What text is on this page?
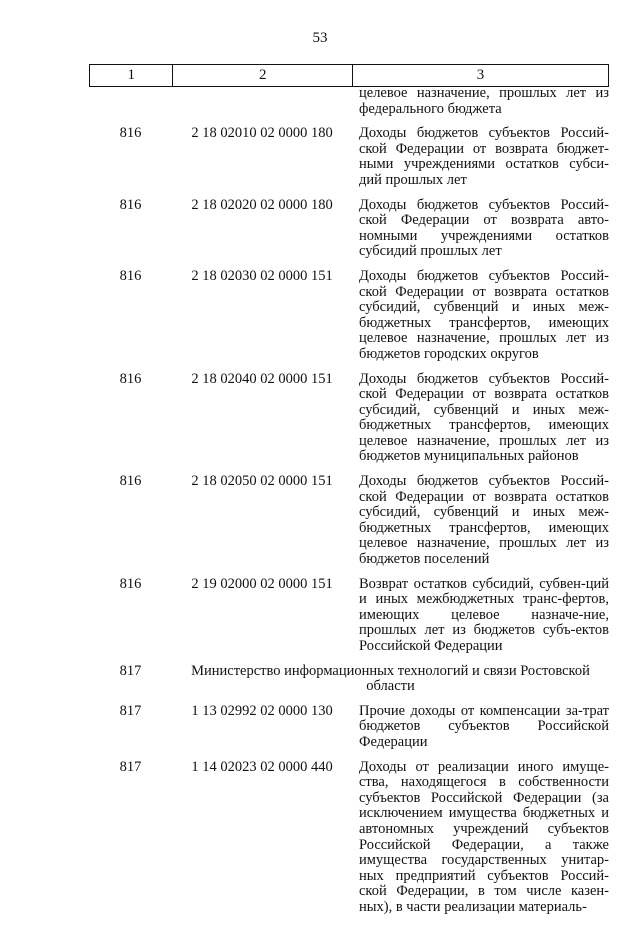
53
1	2	3
целевое назначение, прошлых лет из федерального бюджета
816	2 18 02010 02 0000 180	Доходы бюджетов субъектов Россий-ской Федерации от возврата бюджет-ными учреждениями остатков субси-дий прошлых лет
816	2 18 02020 02 0000 180	Доходы бюджетов субъектов Россий-ской Федерации от возврата авто-номными учреждениями остатков субсидий прошлых лет
816	2 18 02030 02 0000 151	Доходы бюджетов субъектов Россий-ской Федерации от возврата остатков субсидий, субвенций и иных меж-бюджетных трансфертов, имеющих целевое назначение, прошлых лет из бюджетов городских округов
816	2 18 02040 02 0000 151	Доходы бюджетов субъектов Россий-ской Федерации от возврата остатков субсидий, субвенций и иных меж-бюджетных трансфертов, имеющих целевое назначение, прошлых лет из бюджетов муниципальных районов
816	2 18 02050 02 0000 151	Доходы бюджетов субъектов Россий-ской Федерации от возврата остатков субсидий, субвенций и иных меж-бюджетных трансфертов, имеющих целевое назначение, прошлых лет из бюджетов поселений
816	2 19 02000 02 0000 151	Возврат остатков субсидий, субвен-ций и иных межбюджетных транс-фертов, имеющих целевое назначе-ние, прошлых лет из бюджетов субъ-ектов Российской Федерации
817	Министерство информационных технологий и связи Ростовской области
817	1 13 02992 02 0000 130	Прочие доходы от компенсации за-трат бюджетов субъектов Российской Федерации
817	1 14 02023 02 0000 440	Доходы от реализации иного имуще-ства, находящегося в собственности субъектов Российской Федерации (за исключением имущества бюджетных и автономных учреждений субъектов Российской Федерации, а также имущества государственных унитар-ных предприятий субъектов Россий-ской Федерации, в том числе казен-ных), в части реализации материаль-
